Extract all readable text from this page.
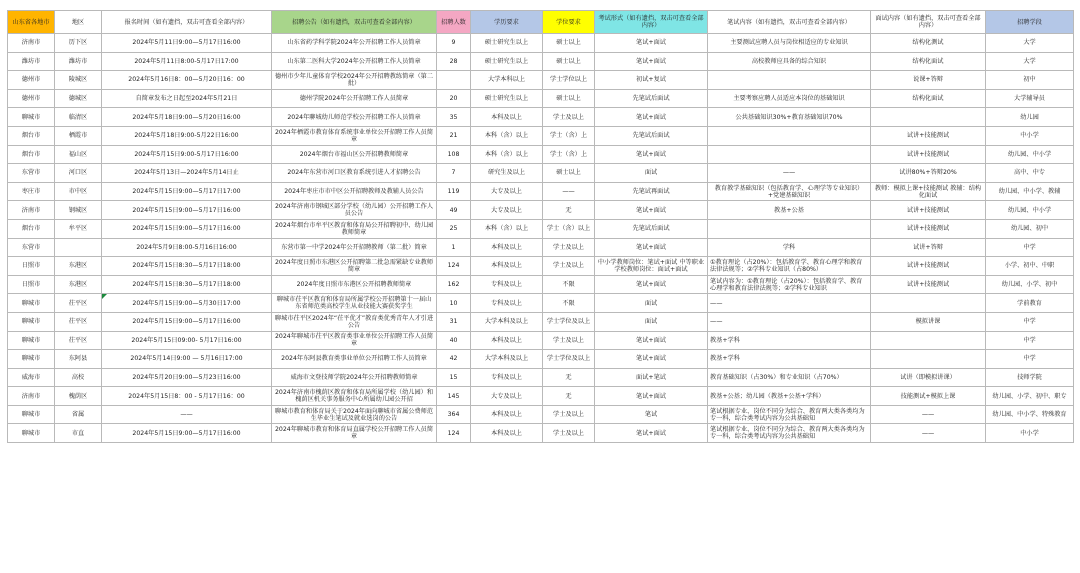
山东省各地市	地区	报名时间（如有遗挡，双击可查看全部内容）	招聘公告（如有遗挡，双击可查看全部内容）	招聘人数	学历要求	学位要求	考试形式（如有遗挡，双击可查看全部内容）	笔试内容（如有遗挡，双击可查看全部内容）	面试内容（如有遗挡，双击可查看全部内容）	招聘学段
济南市	历下区	2024年5月11日9:00—5月17日16:00	山东省药学科学院2024年公开招聘工作人员简章	9	硕士研究生以上	硕士以上	笔试+面试	主要测试应聘人员与岗位相适应的专业知识	结构化测试	大学
潍坊市	潍坊市	2024年5月11日8:00-5月17日17:00	山东第二医科大学2024年公开招聘工作人员简章	28	硕士研究生以上	硕士以上	笔试+面试	高校教师应具备的综合知识	结构化面试	大学
德州市	陵城区	2024年5月16日8：00—5月20日16：00	德州市少年儿童体育学校2024年公开招聘教练简章（第二批）		大学本科以上	学士学位以上	初试+复试		说课+答辩	初中
德州市	德城区	自简章发布之日起至2024年5月21日	德州学院2024年公开招聘工作人员简章	20	硕士研究生以上	硕士以上	先笔试后面试	主要考察应聘人员适应本岗位的基础知识	结构化面试	大学辅导员
聊城市	临清区	2024年5月18日9:00—5月20日16:00	2024年聊城幼儿师范学校公开招聘工作人员简章	35	本科及以上	学士及以上	笔试+面试	公共基础知识30%+教育基础知识70%		幼儿园
烟台市	栖霞市	2024年5月18日9:00-5月22日16:00	2024年栖霞市教育体育系统事业单位公开招聘工作人员简章	21	本科（含）以上	学士（含）上	先笔试后面试		试讲+技能测试	中小学
烟台市	福山区	2024年5月15日9:00-5月17日16:00	2024年烟台市福山区公开招聘教师简章	108	本科（含）以上	学士（含）上	笔试+面试		试讲+技能测试	幼儿园、中小学
东营市	河口区	2024年5月13日—2024年5月14日止	2024年东营市河口区教育系统引进人才招聘公告	7	研究生及以上	硕士以上	面试	——	试讲80%+答辩20%	高中、中专
枣庄市	市中区	2024年5月15日9:00—5月17日17:00	2024年枣庄市市中区公开招聘教师及教辅人员公告	119	大专及以上	——	先笔试再面试	教育教学基础知识（包括教育学、心理学等专业知识）+党建基础知识	教师：模拟上课+技能测试 教辅：结构化面试	幼儿园、中小学、教辅
济南市	钢城区	2024年5月15日9:00—5月17日16:00	2024年济南市钢城区部分学校（幼儿园）公开招聘工作人员公告	49	大专及以上	无	笔试+面试	教基+公基	试讲+技能测试	幼儿园、中小学
烟台市	牟平区	2024年5月15日9:00—5月17日16:00	2024年烟台市牟平区教育和体育局公开招聘初中、幼儿园教师简章	25	本科（含）以上	学士（含）以上	先笔试后面试		试讲+技能测试	幼儿园、初中
东营市		2024年5月9日8:00-5月16日16:00	东营市第一中学2024年公开招聘教师（第二批）简章	1	本科及以上	学士及以上	笔试+面试	学科	试讲+答辩	中学
日照市	东港区	2024年5月15日8:30—5月17日18:00	2024年度日照市东港区公开招聘第二批急需紧缺专业教师简章	124	本科及以上	学士及以上	中小学教师岗位：笔试+面试 中等职业学校教师岗位：面试+面试	①教育理论（占20%）：包括教育学、教育心理学和教育法律法规等；②学科专业知识（占80%）	试讲+技能测试	小学、初中、中职
日照市	东港区	2024年5月15日8:30—5月17日18:00	2024年度日照市东港区公开招聘教师简章	162	专科及以上	不限	笔试+面试	笔试内容为：①教育理论（占20%）：包括教育学、教育心理学和教育法律法规等；②学科专业知识	试讲+技能测试	幼儿园、小学、初中
聊城市	茌平区	2024年5月15日9:00—5月30日17:00	聊城市茌平区教育和体育局所属学校公开招聘第十一届山东省师范类高校学生从业技能大赛获奖学生	10	专科及以上	不限	面试	——		学前教育
聊城市	茌平区	2024年5月15日9:00—5月17日16:00	聊城市茌平区2024年“茌平优才”教育类优秀青年人才引进公告	31	大学本科及以上	学士学位及以上	面试	——	模拟讲课	中学
聊城市	茌平区	2024年5月15日09:00- 5月17日16:00	2024年聊城市茌平区教育类事业单位公开招聘工作人员简章	40	本科及以上	学士及以上	笔试+面试	教基+学科		中学
聊城市	东阿县	2024年5月14日9:00 — 5月16日17:00	2024年东阿县教育类事业单位公开招聘工作人员简章	42	大学本科及以上	学士学位及以上	笔试+面试	教基+学科		中学
威海市	高校	2024年5月20日9:00—5月23日16:00	威海市文登技师学院2024年公开招聘教师简章	15	专科及以上	无	面试+笔试	教育基础知识（占30%）和专业知识（占70%）	试讲（即模拟讲课）	技师学院
济南市	槐荫区	2024年5月15日8：00 - 5月17日16：00	2024年济南市槐荫区教育和体育局所属学校（幼儿园）和槐荫区机关事务服务中心所属幼儿园公开招	145	大专及以上	无	笔试+面试	教基+公基；幼儿园（教基+公基+学科）	技能测试+模拟上课	幼儿园、小学、初中、职专
聊城市	省属	——	聊城市教育和体育局关于2024年面向聊城市省属公费师范生毕业生笔试及就业选岗的公告	364	本科及以上	学士及以上	笔试	笔试根据专业、岗位不同分为综合、教育两大类各类均为专一科，综合类考试内容为公共基础知	——	幼儿园、中小学、特殊教育
聊城市	市直	2024年5月15日9:00—5月17日16:00	2024年聊城市教育和体育局直属学校公开招聘工作人员简章	124	本科及以上	学士及以上	笔试+面试	笔试根据专业、岗位不同分为综合、教育两大类各类均为专一科，综合类考试内容为公共基础知	——	中小学
